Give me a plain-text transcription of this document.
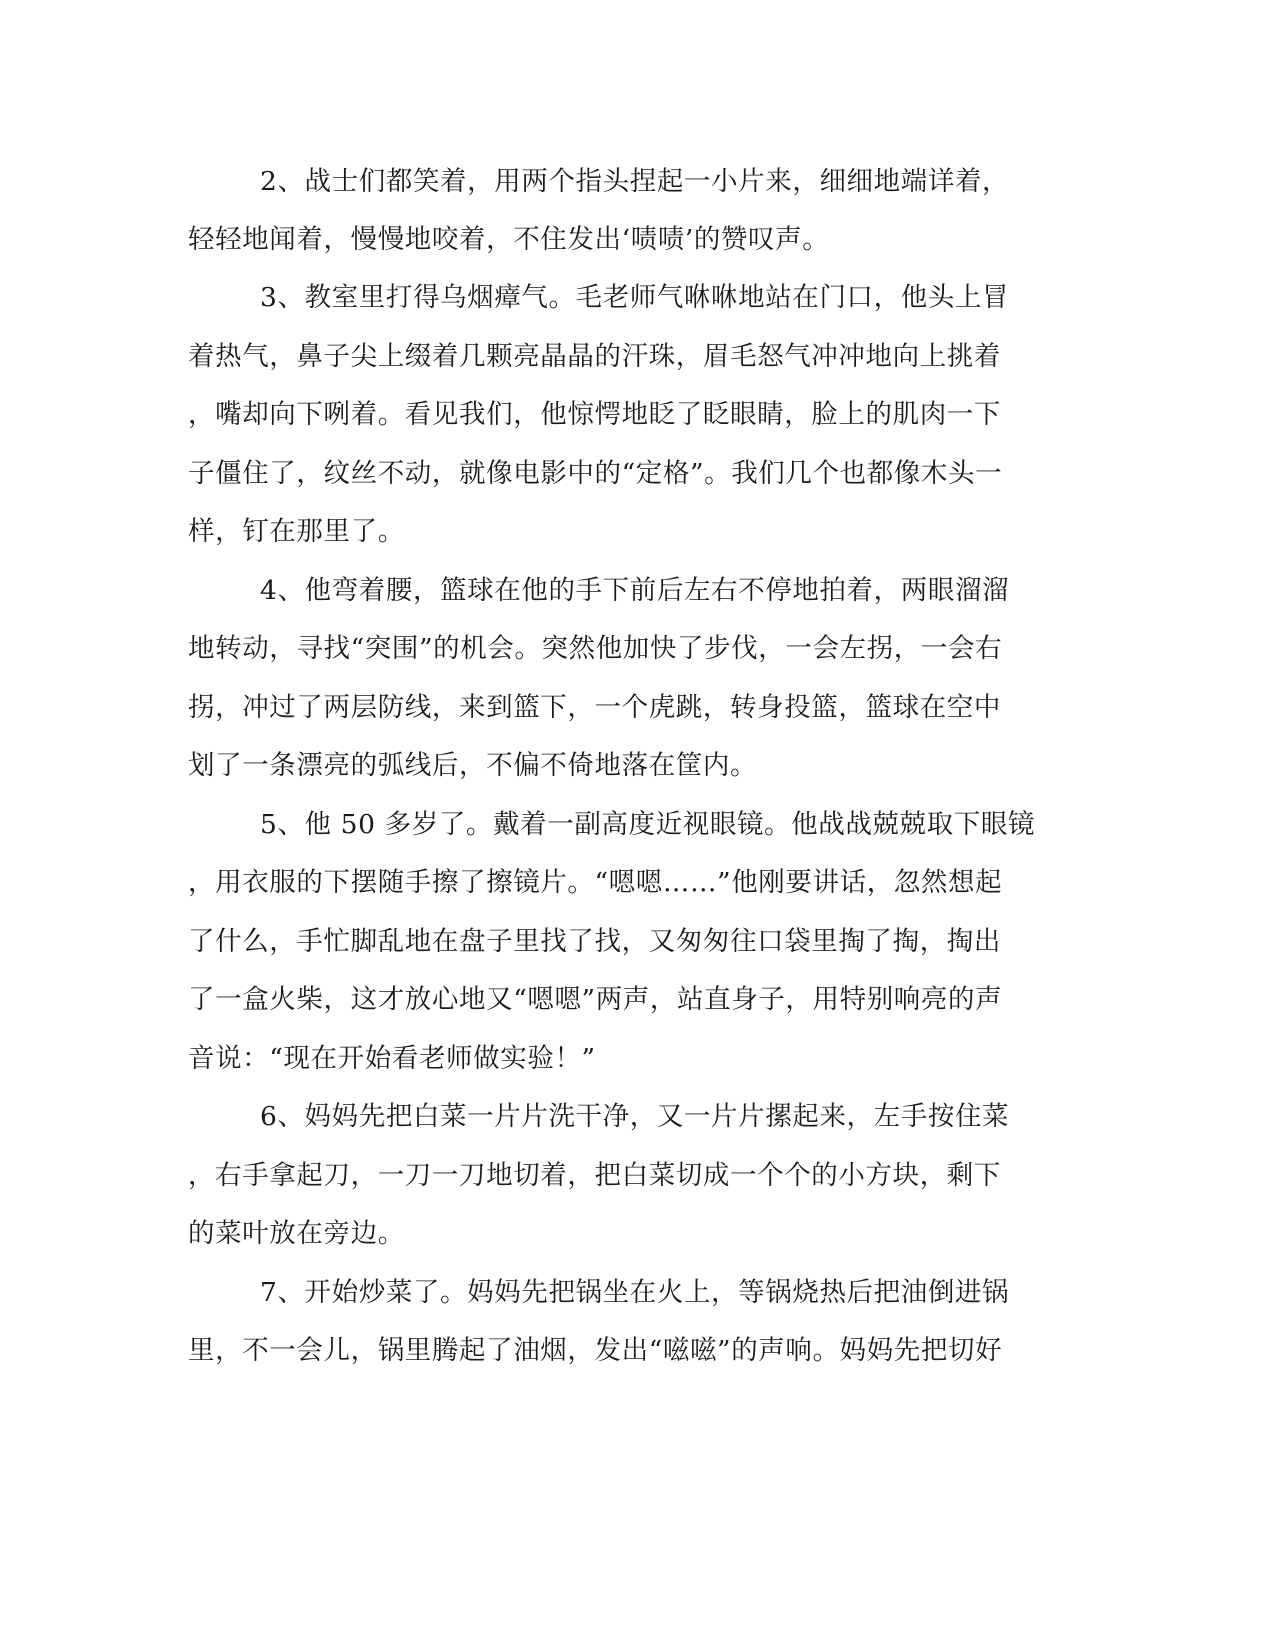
2、战士们都笑着，用两个指头捏起一小片来，细细地端详着，
轻轻地闻着，慢慢地咬着，不住发出‘啧啧’的赞叹声。
3、教室里打得乌烟瘴气。毛老师气咻咻地站在门口，他头上冒
着热气，鼻子尖上缀着几颗亮晶晶的汗珠，眉毛怒气冲冲地向上挑着
，嘴却向下咧着。看见我们，他惊愕地眨了眨眼睛，脸上的肌肉一下
子僵住了，纹丝不动，就像电影中的“定格”。我们几个也都像木头一
样，钉在那里了。
4、他弯着腰，篮球在他的手下前后左右不停地拍着，两眼溜溜
地转动，寻找“突围”的机会。突然他加快了步伐，一会左拐，一会右
拐，冲过了两层防线，来到篮下，一个虎跳，转身投篮，篮球在空中
划了一条漂亮的弧线后，不偏不倚地落在筐内。
5、他 50 多岁了。戴着一副高度近视眼镜。他战战兢兢取下眼镜
，用衣服的下摆随手擦了擦镜片。“嗯嗯……”他刚要讲话，忽然想起
了什么，手忙脚乱地在盘子里找了找，又匆匆往口袋里掏了掏，掏出
了一盒火柴，这才放心地又“嗯嗯”两声，站直身子，用特别响亮的声
音说：“现在开始看老师做实验！”
6、妈妈先把白菜一片片洗干净，又一片片摞起来，左手按住菜
，右手拿起刀，一刀一刀地切着，把白菜切成一个个的小方块，剩下
的菜叶放在旁边。
7、开始炒菜了。妈妈先把锅坐在火上，等锅烧热后把油倒进锅
里，不一会儿，锅里腾起了油烟，发出“嗞嗞”的声响。妈妈先把切好
